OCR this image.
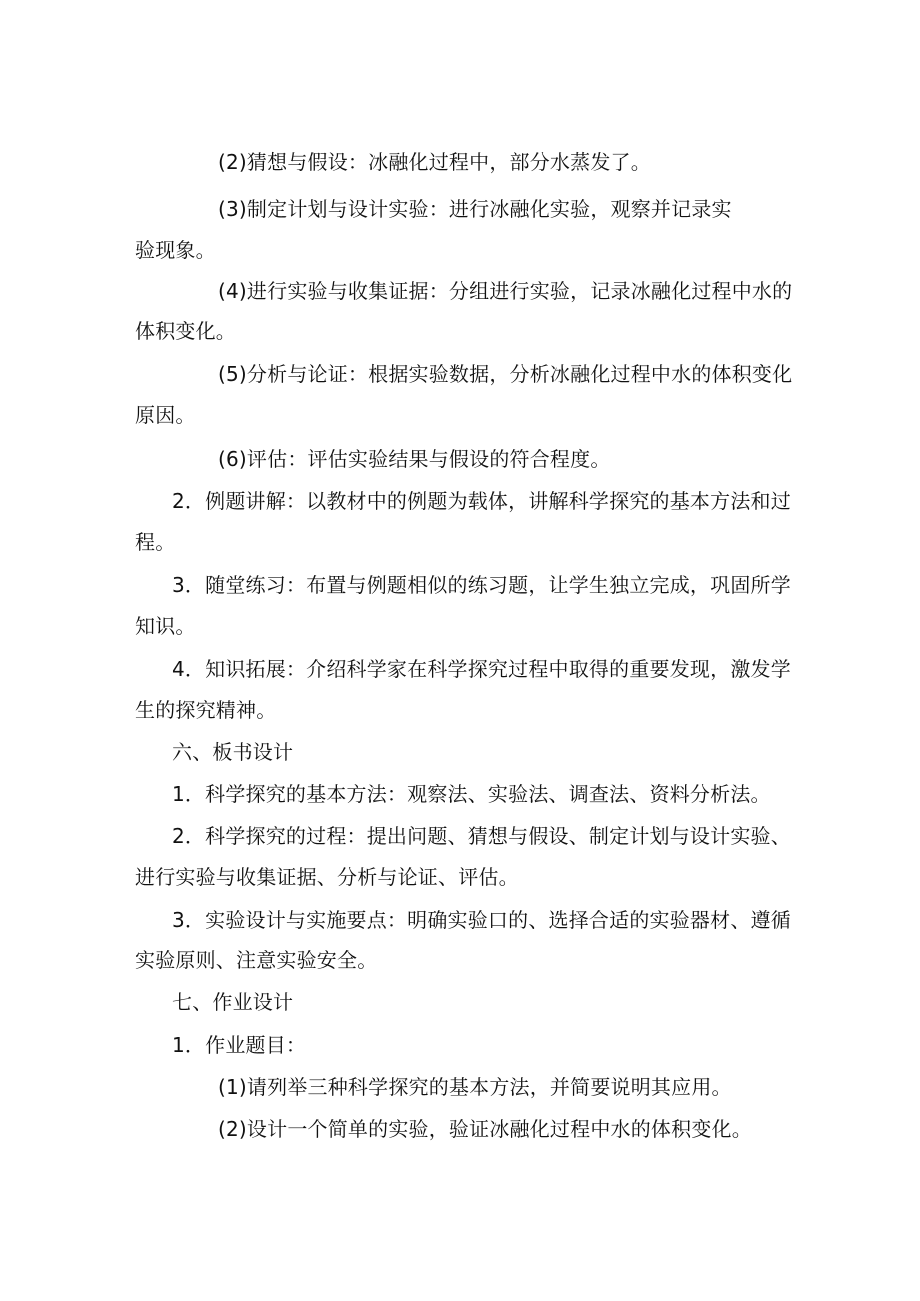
(2)猜想与假设：冰融化过程中，部分水蒸发了。
(3)制定计划与设计实验：进行冰融化实验，观察并记录实
验现象。
(4)进行实验与收集证据：分组进行实验，记录冰融化过程中水的
体积变化。
(5)分析与论证：根据实验数据，分析冰融化过程中水的体积变化
原因。
(6)评估：评估实验结果与假设的符合程度。
2．例题讲解：以教材中的例题为载体，讲解科学探究的基本方法和过
程。
3．随堂练习：布置与例题相似的练习题，让学生独立完成，巩固所学
知识。
4．知识拓展：介绍科学家在科学探究过程中取得的重要发现，激发学
生的探究精神。
六、板书设计
1．科学探究的基本方法：观察法、实验法、调查法、资料分析法。
2．科学探究的过程：提出问题、猜想与假设、制定计划与设计实验、
进行实验与收集证据、分析与论证、评估。
3．实验设计与实施要点：明确实验口的、选择合适的实验器材、遵循
实验原则、注意实验安全。
七、作业设计
1．作业题目：
(1)请列举三种科学探究的基本方法，并简要说明其应用。
(2)设计一个简单的实验，验证冰融化过程中水的体积变化。
